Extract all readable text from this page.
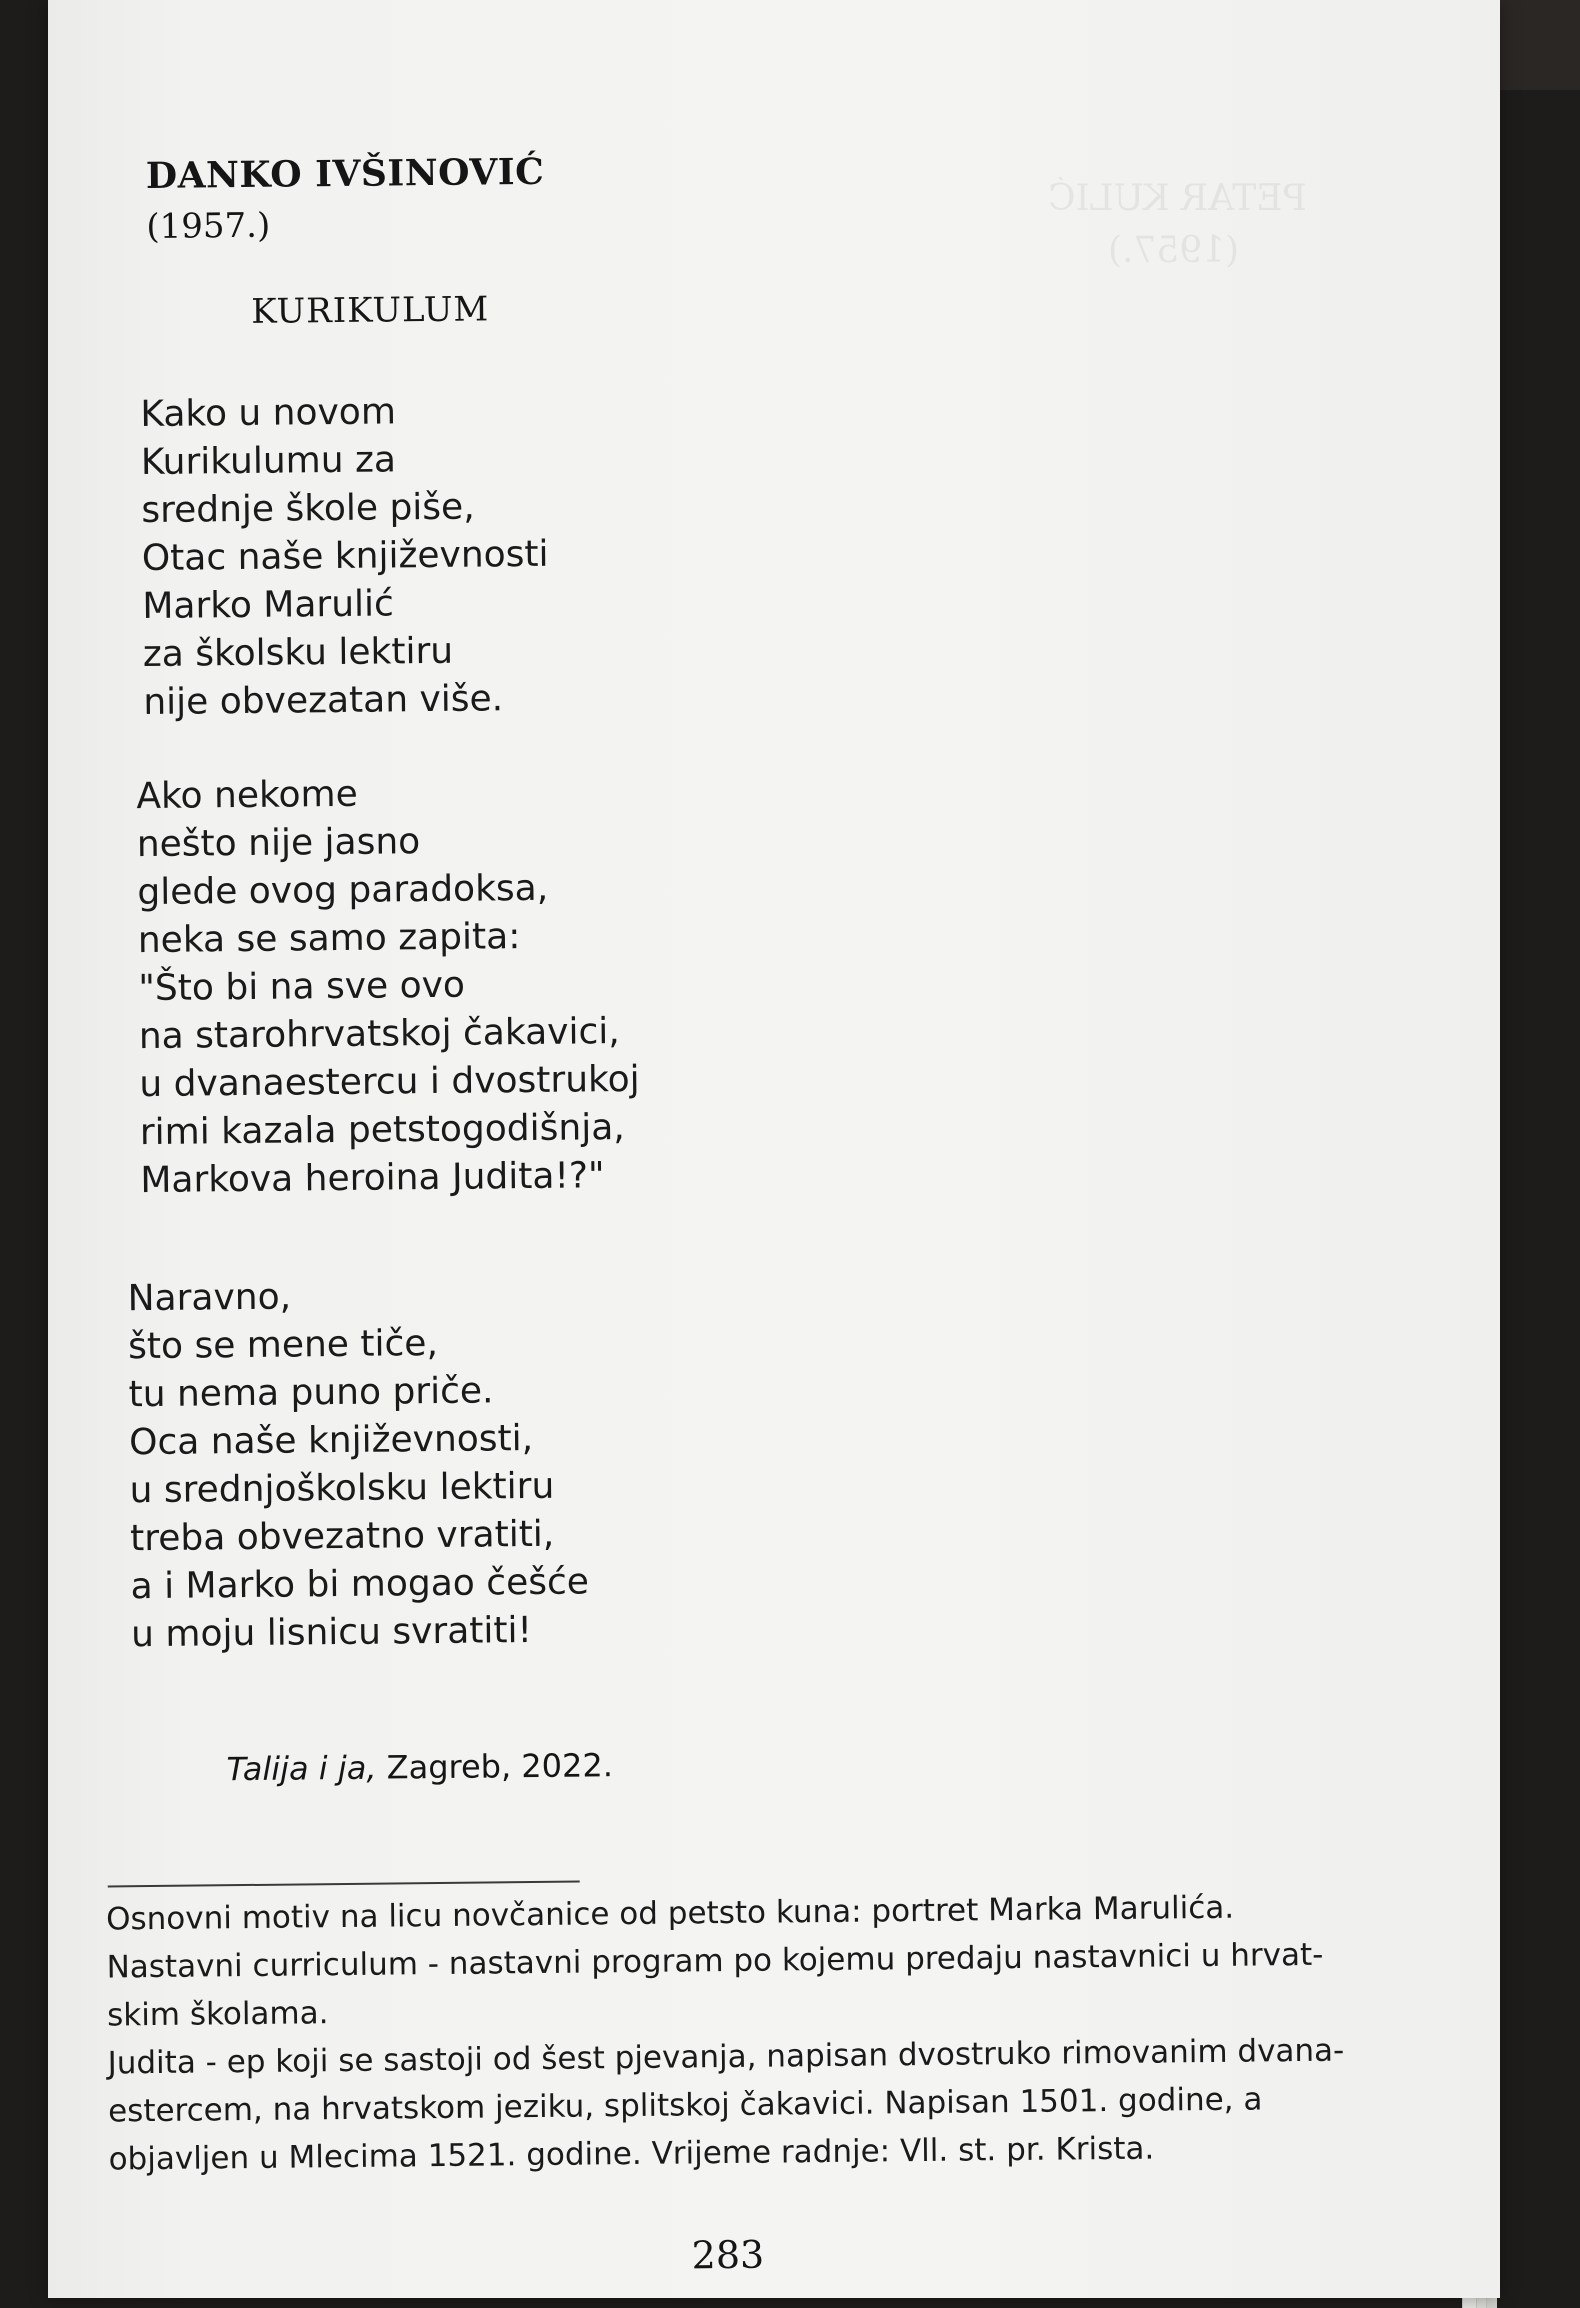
PETAR KULIĆ
(1957.)
DANKO IVŠINOVIĆ
(1957.)
KURIKULUM
Kako u novom
Kurikulumu za
srednje škole piše,
Otac naše književnosti
Marko Marulić
za školsku lektiru
nije obvezatan više.
Ako nekome
nešto nije jasno
glede ovog paradoksa,
neka se samo zapita:
"Što bi na sve ovo
na starohrvatskoj čakavici,
u dvanaestercu i dvostrukoj
rimi kazala petstogodišnja,
Markova heroina Judita!?"
Naravno,
što se mene tiče,
tu nema puno priče.
Oca naše književnosti,
u srednjoškolsku lektiru
treba obvezatno vratiti,
a i Marko bi mogao češće
u moju lisnicu svratiti!
Talija i ja, Zagreb, 2022.
Osnovni motiv na licu novčanice od petsto kuna: portret Marka Marulića.
Nastavni curriculum - nastavni program po kojemu predaju nastavnici u hrvat-
skim školama.
Judita - ep koji se sastoji od šest pjevanja, napisan dvostruko rimovanim dvana-
estercem, na hrvatskom jeziku, splitskoj čakavici. Napisan 1501. godine, a
objavljen u Mlecima 1521. godine. Vrijeme radnje: Vll. st. pr. Krista.
283
